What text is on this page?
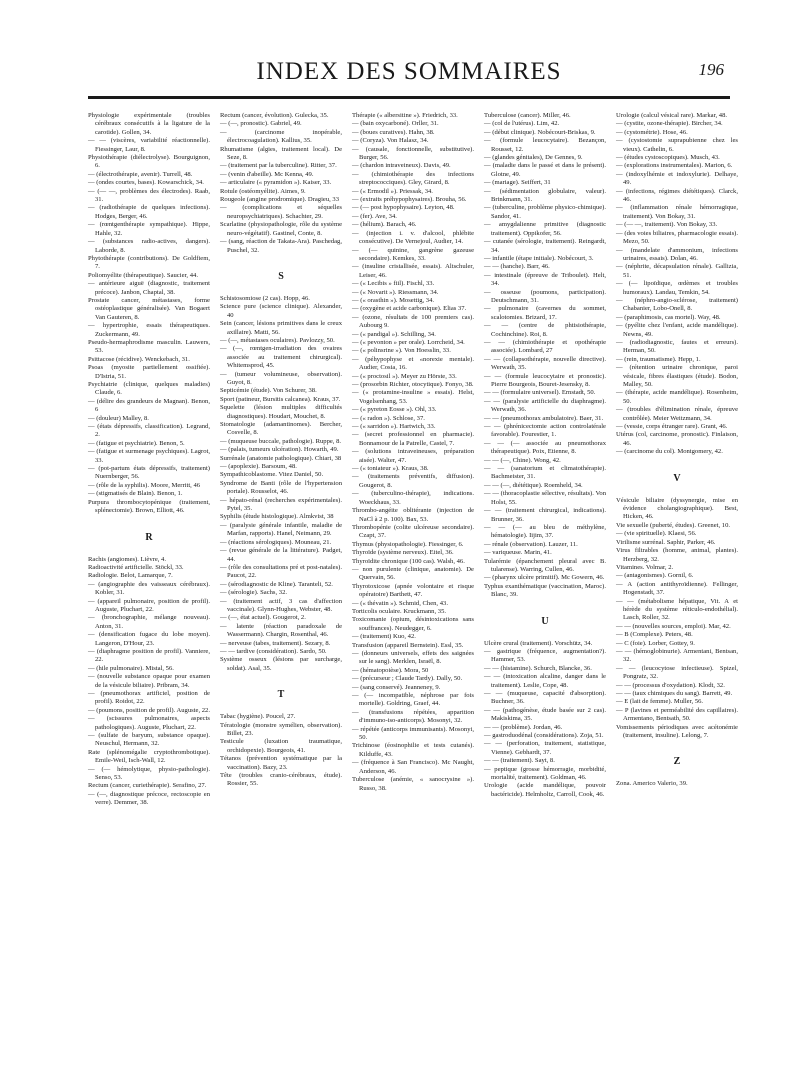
INDEX DES SOMMAIRES	196
Physiologie expérimentale (troubles cérébraux consécutifs à la ligature de la carotide). Gollen, 34.
— — (viscères, variabilité réactionnelle). Fiessinger, Laur, 8.
Physiothérapie (diélectrolyse). Bourguignon, 6.
— (électrothérapie, avenir). Turrell, 48.
— (ondes courtes, bases). Kowarschick, 34.
— (— —, problèmes des électrodes). Raab, 31.
— (radiothérapie de quelques infections). Hodges, Berger, 46.
— (rœntgenthérapie sympathique). Hippe, Hahle, 32.
— (substances radio-actives, dangers). Laborde, 8.
Phytothérapie (contributions). De Goldfiem, 7.
Poliomyélite (thérapeutique). Saucier, 44.
— antérieure aiguë (diagnostic, traitement précoce). Janbon, Chaptal, 38.
Prostate cancer, métastases, forme ostéoplastique généralisée). Van Bogaert Van Gauteren, 8.
— hypertrophie, essais thérapeutiques. Zuckermann, 49.
Pseudo-hermaphrodisme masculin. Lauwers, 53.
Psittacose (récidive). Wenckebach, 31.
Psoas (myosite partiellement ossifiée). D'Istria, 51.
Psychiatrie (clinique, quelques maladies) Claude, 6.
— (délire des grandeurs de Magnan). Benon, 6
— (douleur) Malley, 8.
— (états dépressifs, classification). Legrand, 2.
— (fatigue et psychiatrie). Benon, 5.
— (fatigue et surmenage psychiques). Lagrot, 33.
— (pot-partum états dépressifs, traitement) Nuernberger, 56.
— (rôle de la syphilis). Moore, Merritt, 46
— (stigmatisés de Blain). Benon, 1.
Purpura thrombocytopénique (traitement, splénectomie). Brown, Elliott, 46.
R
Rachis (angiomes). Lièvre, 4.
Radioactivité artificielle. Stöckl, 33.
Radiologie. Belot, Lamarque, 7.
— (angiographie des vaisseaux cérébraux). Kobler, 31.
— (appareil pulmonaire, position de profil). Auguste, Pluchart, 22.
— (bronchographie, mélange nouveau). Anton, 31.
— (densification fugace du lobe moyen). Langeron, D'Hour, 23.
— (diaphragme position de profil). Vanniere, 22.
— (hile pulmonaire). Mistal, 56.
— (nouvelle substance opaque pour examen de la vésicule biliaire). Pribram, 34.
— (pneumothorax artificiel, position de profil). Roidot, 22.
— (poumons, position de profil). Auguste, 22.
— (scissures pulmonaires, aspects pathologiques). Auguste, Pluchart, 22.
— (sulfate de baryum, substance opaque). Neuschul, Hermann, 32.
Rate (splénomégalie cryptothrombotique). Emile-Weil, Isch-Wall, 12.
— (— hémolytique, physio-pathologie). Senso, 53.
Rectum (cancer, curiethérapie). Serafino, 27.
— (—, diagnostique précoce, rectoscopie en verre). Demmer, 38.
Rectum (cancer, évolution). Gulecka, 35.
— (—, pronostic). Gabriel, 49.
— (carcinome inopérable, électrocoagulation). Kallius, 35.
Rhumatisme (algies, traitement local). De Seze, 8.
— (traitement par la tuberculine). Ritter, 37.
— (venin d'abeille). Mc Kenna, 49.
— articulaire (« pyramidon »). Kaiser, 33.
Rotule (ostéomyélite). Aimes, 9.
Rougeole (angine prodromique). Dragieu, 33
— (complications et séquelles neuropsychiatriques). Schachter, 29.
Scarlatine (physiopathologie, rôle du système neuro-végétatif). Gastinel, Conte, 8.
— (sang, réaction de Takata-Ara). Paschedag, Puschel, 32.
S
Schistosomiose (2 cas). Hopp, 46.
Science pure (science clinique). Alexander, 40
Sein (cancer, lésions primitives dans le creux axillaire). Matti, 56.
— (—, métastases oculaires). Pavlozzy, 50.
— (—, rœntgen-irradiation des ovaires associée au traitement chirurgical). Whitemsprod, 45.
— (tumeur volumineuse, observation). Guyot, 8.
Septicémie (étude). Von Schurer, 38.
Sport (patineur, Bursitis calcanea). Kraus, 37.
Squelette (lésion multiples difficultés diagnostiques). Houdart, Mouchet, 8.
Stomatologie (adamantinomes). Bercher, Cosvelle, 8.
— (muqueuse buccale, pathologie). Ruppe, 8.
— (palais, tumeurs ulcération). Howarth, 49.
Surrénale (anatomie pathologique). Chiari, 38
— (apoplexie). Barsoum, 48.
Sympathicoblastome. Vitez Daniel, 50.
Syndrome de Banti (rôle de l'hypertension portale). Rousselot, 46.
— hépato-rénal (recherches expérimentales). Pytel, 35.
Syphilis (étude histologique). Almkvist, 38
— (paralysie générale infantile, maladie de Marfan, rapports). Hanel, Neimann, 29.
— (réactions sérologiques). Mouneau, 21.
— (revue générale de la littérature). Padget, 44.
— (rôle des consultations pré et post-natales). Paucot, 22.
— (sérodiagnostic de Kline). Taranteli, 52.
— (sérologie). Sachs, 32.
— (traitement actif, 3 cas d'affection vaccinale). Glynn-Hughes, Webster, 48.
— (—, état actuel). Gougerot, 2.
— latente (réaction paradoxale de Wassermann). Chargin, Rosenthal, 46.
— nerveuse (tabes, traitement). Sezary, 8.
— — tardive (considération). Sardo, 50.
Système osseux (lésions par surcharge, soldat). Asal, 35.
T
Tabac (hygiène). Poucel, 27.
Tératologie (monstre symélien, observation). Billet, 23.
Testicule (luxation traumatique, orchidopexie). Bourgeois, 41.
Tétanos (prévention systématique par la vaccination). Bazy, 23.
Tête (troubles cranio-cérébraux, étude). Rossier, 55.
Thérapie (« albersitine »). Friedrich, 33.
— (bain oxycarboné). Orller, 31.
— (boues curatives). Hahn, 38.
— (Coryza). Von Halasz, 34.
— (causale, fonctionnelle, substitutive). Burger, 56.
— (chardon intraveineux). Davis, 49.
— (chimiothérapie des infections streptococciques). Gley, Girard, 8.
— (« Ermodil »). Priessak, 34.
— (extraits préhypophysaires). Brouha, 56.
— (— post hypophysaire). Leyton, 48.
— (fer). Ave, 34.
— (hélium). Barach, 46.
— (injection i. v. d'alcool, phlébite consécutive). De Vernejoul, Audier, 14.
— (— quinine, gangrène gazeuse secondaire). Kemkes, 33.
— (insuline cristallisée, essais). Altschuler, Leiser, 46.
— (« Lecibis » fiil). Fischl, 33.
— (« Novarit »). Riessmann, 34.
— (« orasthin »). Mosettig, 34.
— (oxygène et acide carbonique). Elias 37.
— (ozone, résultats de 100 premiers cas). Aubourg 9.
— (« pandigal »). Schilling, 34.
— (« pevonton » per orale). Lorrcheid, 34.
— (« polinsrine »). Von Hoesslin, 33.
— (péhypophyse et «norexie mentale). Audier, Cosia, 16.
— (« proctosil »). Meyer zu Hörste, 33.
— (prosorbin Richter, otocytique). Fonyo, 38.
— (« protamine-insuline » essais). Helst, Vogelsenhang, 53.
— (« pyreton Eosse »). Ohl, 33.
— (« radon »). Schlose, 37.
— (« sarridon »). Hartwich, 33.
— (secret professionnel en pharmacie). Bonnamour de la Patrelle, Castel, 7.
— (solutions intraveineuses, préparation aisée). Walter, 47.
— (« toniateur »). Kraus, 38.
— (traitements préventifs, diffusion). Gougerot, 8.
— (tuberculino-thérapie), indications. Woeckhaus, 33.
Thrombo-angéite oblitérante (injection de NaCl à 2 p. 100). Bax, 53.
Thrombopénie (colite ulcéreuse secondaire). Czapt, 37.
Thymus (physiopathologie). Fiessinger, 6.
Thyroïde (système nerveux). Eitel, 36.
Thyroïdite chronique (100 cas). Walsh, 46.
— non purulente (clinique, anatomie). De Quervain, 56.
Thyrotoxicose (apnée volontaire et risque opératoire) Barthett, 47.
— (« thévatin »). Schmid, Chen, 43.
Torticolis oculaire. Kruckmann, 35.
Toxicomanie (opium, désintoxications sans souffrances). Neudegger, 6.
— (traitement) Kuo, 42.
Transfusion (appareil Bernstein). Essl, 35.
— (donneurs universels, effets des saignées sur le sang). Merklen, Israël, 8.
— (hématopoièse). Mora, 50
— (précurseur ; Claude Tardy). Dally, 50.
— (sang conservé). Jeanneney, 9.
— (— incompatible, néphrose par fois mortelle). Goldring, Graef, 44.
— (transfusions répétées, apparition d'immuno-iso-anticorps). Mosonyi, 32.
— répétée (anticorps immunisants). Mosonyi, 50.
Trichinose (éosinophilie et tests cutanés). Kilduffe, 43.
— (fréquence à San Francisco). Mc Naught, Anderson, 46.
Tuberculose (anémie, « sanocrysine »). Russo, 38.
Tuberculose (cancer). Miller, 46.
— (col de l'utérus). Lim, 42.
— (début clinique). Nobécourt-Briskas, 9.
— (formule leucocytaire). Bezançon, Rousset, 12.
— (glandes génitales), De Gennes, 9.
— (maladie dans le passé et dans le présent). Glotne, 49.
— (mariage). Seiffert, 31
— (sédimentation globulaire, valeur). Brinkmann, 31.
— (tuberculine, problème physico-chimique). Sandor, 41.
— amygdalienne primitive (diagnostic traitement). Oppikofer, 56.
— cutanée (sérologie, traitement). Reingardt, 34.
— infantile (étape initiale). Nobécourt, 3.
— — (hanche). Barr, 46.
— intestinale (épreuve de Triboulet). Helt, 34.
— osseuse (poumons, participation). Deutschmann, 31.
— pulmonaire (cavernes du sommet, scalotomies. Brizard, 17.
— — (centre de phtisiothérapie, Cochinchine). Roi, 8.
— — (chimiothérapie et opothérapie associée). Lombard, 27
— — (collapsothérapie, nouvelle directive). Werwath, 35.
— — (formule leucocytaire et pronostic). Pierre Bourgeois, Bouret-Jesensky, 8.
— — (formulaire universel). Ernstadt, 50.
— — (paralysie artificielle du diaphragme). Werwath, 36.
— — (pneumothorax ambulatoire). Baer, 31.
— — (phrénicectomie action controlatérale favorable). Fourestier, 1.
— — (— associée au pneumothorax thérapeutique). Poix, Etienne, 8.
— — (—, Chine). Wong, 42.
— — (sanatorium et climatothérapie). Bachmeister, 31.
— — (—, diététique). Roemheld, 34.
— — (thoracoplastie sélective, résultats). Von Holst, 55.
— — (traitement chirurgical, indications). Brunner, 36.
— — (— au bleu de méthylène, hématologie). Iijim, 37.
— rénale (observation). Lauzer, 11.
— variqueuse. Marin, 41.
Tularémie (épanchement pleural avec B. tularense). Warring, Cullen, 46.
— (pharynx ulcère primitif). Mc Gowern, 46.
Typhus exanthématique (vaccination, Maroc). Blanc, 39.
U
Ulcère crural (traitement). Vorschütz, 34.
— gastrique (fréquence, augmentation?). Hammer, 53.
— — (histamine). Schurch, Blancke, 36.
— — (intoxication alcaline, danger dans le traitement). Leslie, Cope, 48.
— — (muqueuse, capacité d'absorption). Buchner, 36.
— — (pathogénèse, étude basée sur 2 cas). Makiskima, 35.
— — (problème). Jordan, 46.
— gastroduodénal (considérations). Zoja, 51.
— — (perforation, traitement, statistique, Vienne). Gebhardt, 37.
— — (traitement). Sayt, 8.
— peptique (grosse hémorragie, morbidité, mortalité, traitement). Goldman, 46.
Urologie (acide mandélique, pouvoir bactéricide). Helmholtz, Carroll, Cook, 46.
Urologie (calcul vésical rare). Markar, 48.
— (cystite, ozone-thérapie). Bircher, 34.
— (cystométrie). Hose, 46.
— (cystostomie suprapubienne chez les vieux). Cathelin, 6.
— (études cystoscopiques). Musch, 43.
— (explorations instrumentales). Marion, 6.
— (indoxylhémie et indoxylurie). Delhaye, 49.
— (infections, régimes diététiques). Clarck, 46.
— (inflammation rénale hémorragique, traitement). Von Bokay, 31.
— (— —, traitement). Von Bokay, 33.
— (des voies biliaires, pharmacologie essais). Mezo, 50.
— (mandelate d'ammonium, infections urinaires, essais). Dolan, 46.
— (néphrite, décapsulation rénale). Gallizia, 51.
— (— lipoïdique, œdèmes et troubles humoraux). Landau, Temkin, 54.
— (néphro-angio-sclérose, traitement) Chabanier, Lobo-Onell, 8.
— (paraphimosis, cas mortel). Way, 48.
— (pyélite chez l'enfant, acide mandélique). Newns, 49.
— (radiodiagnostic, fautes et erreurs). Herman, 50.
— (rein, traumatisme). Hepp, 1.
— (rétention urinaire chronique, paroi vésicale, fibres élastiques (étude). Bodon, Malley, 50.
— (thérapie, acide mandélique). Rosenheim, 50.
— (troubles d'élimination rénale, épreuve contrôlée). Meier Weitzmann, 34.
— (vessie, corps étranger rare). Grant, 46.
Utérus (col, carcinome, pronostic). Finlaison, 46.
— (carcinome du col). Montgomery, 42.
V
Vésicule biliaire (dyssynergie, mise en évidence cholangiographique). Best, Hicken, 46.
Vie sexuelle (puberté, études). Greenet, 10.
— (vie spirituelle). Klaesi, 56.
Virilisme surrénal. Saphir, Parker, 46.
Virus filtrables (homme, animal, plantes). Herzberg, 32.
Vitamines. Volmar, 2.
— (antagonismes). Gornil, 6.
— A (action antithyroïdienne). Fellinger, Hogenstadt, 37.
— — (métabolisme hépatique, Vit. A et hérède du système réticulo-endothélial). Lasch, Roller, 32.
— — (nouvelles sources, emploi). Mar, 42.
— B (Complexe). Peters, 48.
— C (foie). Lorber, Gottey, 9.
— — (hémoglobinurie). Armentani, Bentsan, 32.
— — (leucocytose infectieuse). Spizel, Pongratz, 32.
— — (processus d'oxydation). Klodt, 32.
— — (taux chimiques du sang). Barrett, 49.
— E (lait de femme). Muller, 56.
— P (lavines et perméabilité des capillaires). Armentano, Bentsath, 50.
Vomissements périodiques avec acétonémie (traitement, insuline). Lelong, 7.
Z
Zona. Americo Valerio, 39.
